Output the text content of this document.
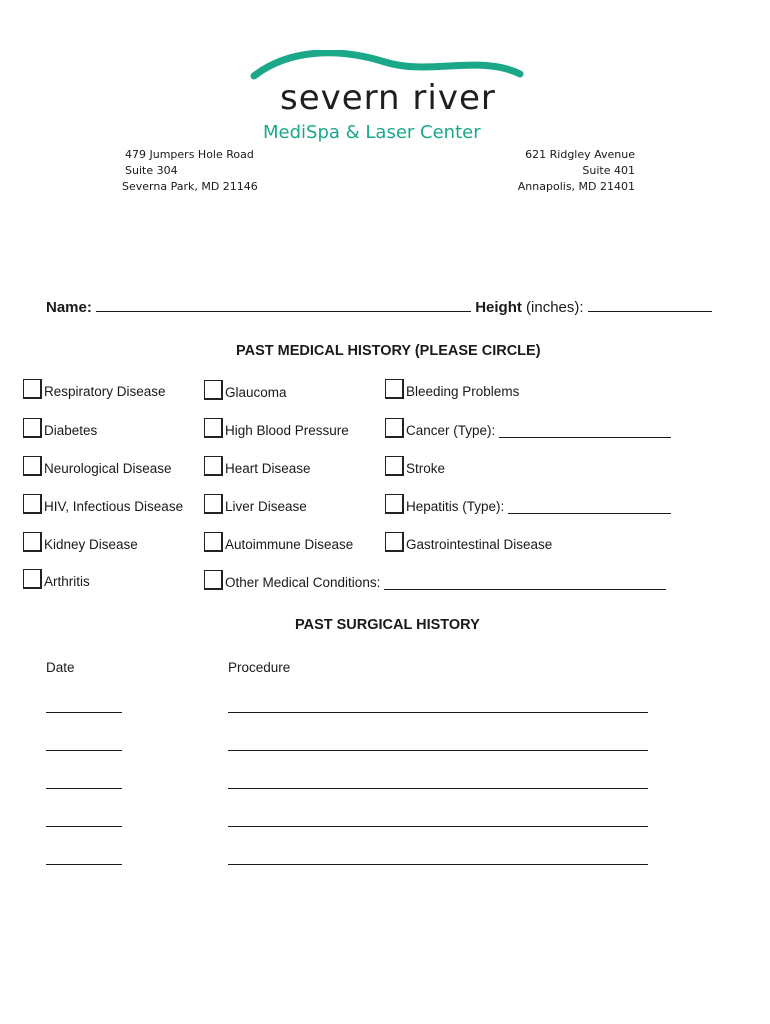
severn river
MediSpa & Laser Center
479 Jumpers Hole Road
Suite 304
Severna Park, MD 21146
621 Ridgley Avenue
Suite 401
Annapolis, MD 21401
Name:	Height (inches):
PAST MEDICAL HISTORY (PLEASE CIRCLE)
Respiratory Disease
Diabetes
Neurological Disease
HIV, Infectious Disease
Kidney Disease
Arthritis
Glaucoma
High Blood Pressure
Heart Disease
Liver Disease
Autoimmune Disease
Other Medical Conditions:
Bleeding Problems
Cancer (Type):
Stroke
Hepatitis (Type):
Gastrointestinal Disease
PAST SURGICAL HISTORY
Date	Procedure
